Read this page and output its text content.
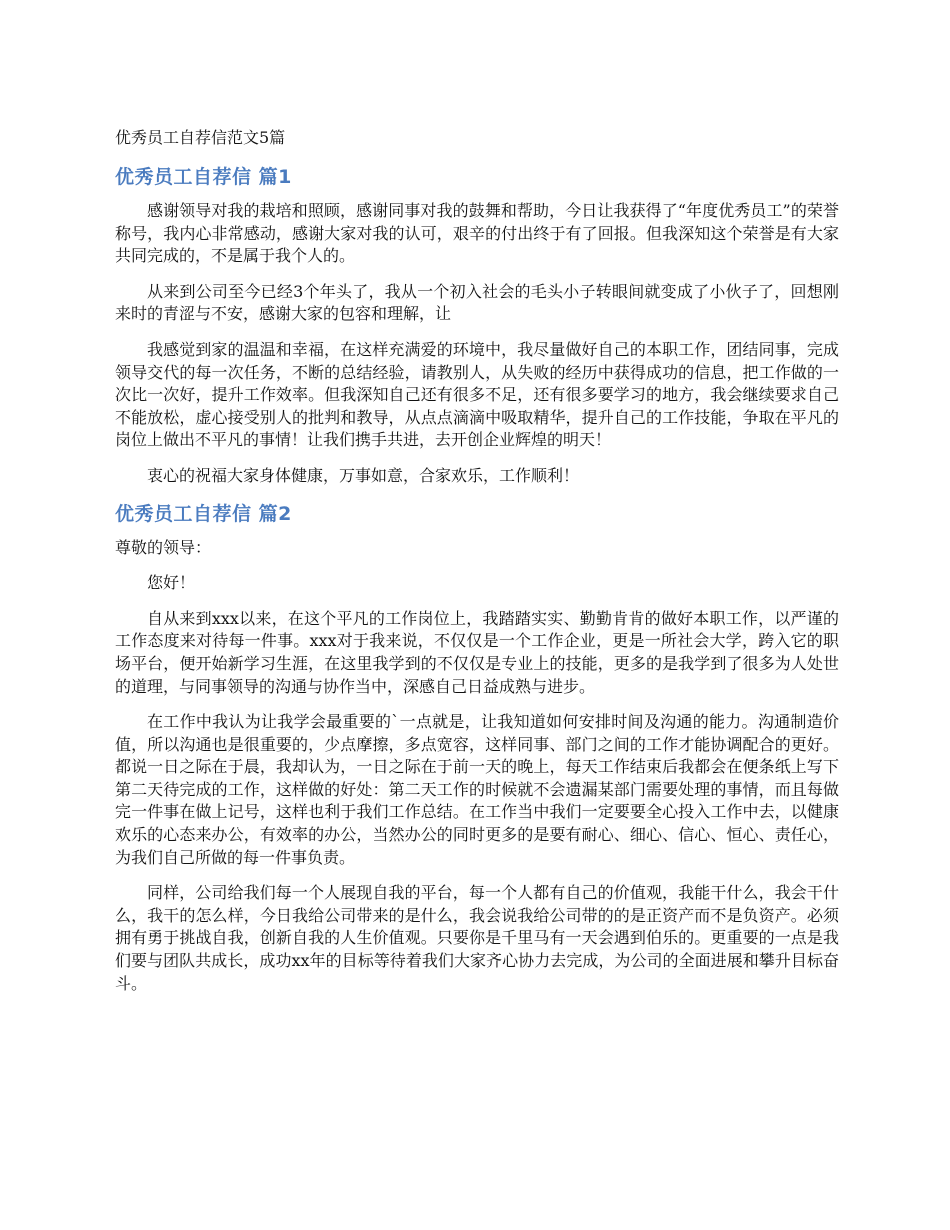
优秀员工自荐信范文5篇
优秀员工自荐信 篇1

感谢领导对我的栽培和照顾，感谢同事对我的鼓舞和帮助，今日让我获得了“年度优秀员工”的荣誉称号，我内心非常感动，感谢大家对我的认可，艰辛的付出终于有了回报。但我深知这个荣誉是有大家共同完成的，不是属于我个人的。

从来到公司至今已经3个年头了，我从一个初入社会的毛头小子转眼间就变成了小伙子了，回想刚来时的青涩与不安，感谢大家的包容和理解，让

我感觉到家的温温和幸福，在这样充满爱的环境中，我尽量做好自己的本职工作，团结同事，完成领导交代的每一次任务，不断的总结经验，请教别人，从失败的经历中获得成功的信息，把工作做的一次比一次好，提升工作效率。但我深知自己还有很多不足，还有很多要学习的地方，我会继续要求自己不能放松，虚心接受别人的批判和教导，从点点滴滴中吸取精华，提升自己的工作技能，争取在平凡的岗位上做出不平凡的事情！让我们携手共进，去开创企业辉煌的明天！

衷心的祝福大家身体健康，万事如意，合家欢乐，工作顺利！

优秀员工自荐信 篇2

尊敬的领导：

您好！

自从来到xxx以来，在这个平凡的工作岗位上，我踏踏实实、勤勤肯肯的做好本职工作，以严谨的工作态度来对待每一件事。xxx对于我来说，不仅仅是一个工作企业，更是一所社会大学，跨入它的职场平台，便开始新学习生涯，在这里我学到的不仅仅是专业上的技能，更多的是我学到了很多为人处世的道理，与同事领导的沟通与协作当中，深感自己日益成熟与进步。

在工作中我认为让我学会最重要的`一点就是，让我知道如何安排时间及沟通的能力。沟通制造价值，所以沟通也是很重要的，少点摩擦，多点宽容，这样同事、部门之间的工作才能协调配合的更好。都说一日之际在于晨，我却认为，一日之际在于前一天的晚上，每天工作结束后我都会在便条纸上写下第二天待完成的工作，这样做的好处：第二天工作的时候就不会遗漏某部门需要处理的事情，而且每做完一件事在做上记号，这样也利于我们工作总结。在工作当中我们一定要要全心投入工作中去，以健康欢乐的心态来办公，有效率的办公，当然办公的同时更多的是要有耐心、细心、信心、恒心、责任心，为我们自己所做的每一件事负责。

同样，公司给我们每一个人展现自我的平台，每一个人都有自己的价值观，我能干什么，我会干什么，我干的怎么样，今日我给公司带来的是什么，我会说我给公司带的的是正资产而不是负资产。必须拥有勇于挑战自我，创新自我的人生价值观。只要你是千里马有一天会遇到伯乐的。更重要的一点是我们要与团队共成长，成功xx年的目标等待着我们大家齐心协力去完成，为公司的全面进展和攀升目标奋斗。
